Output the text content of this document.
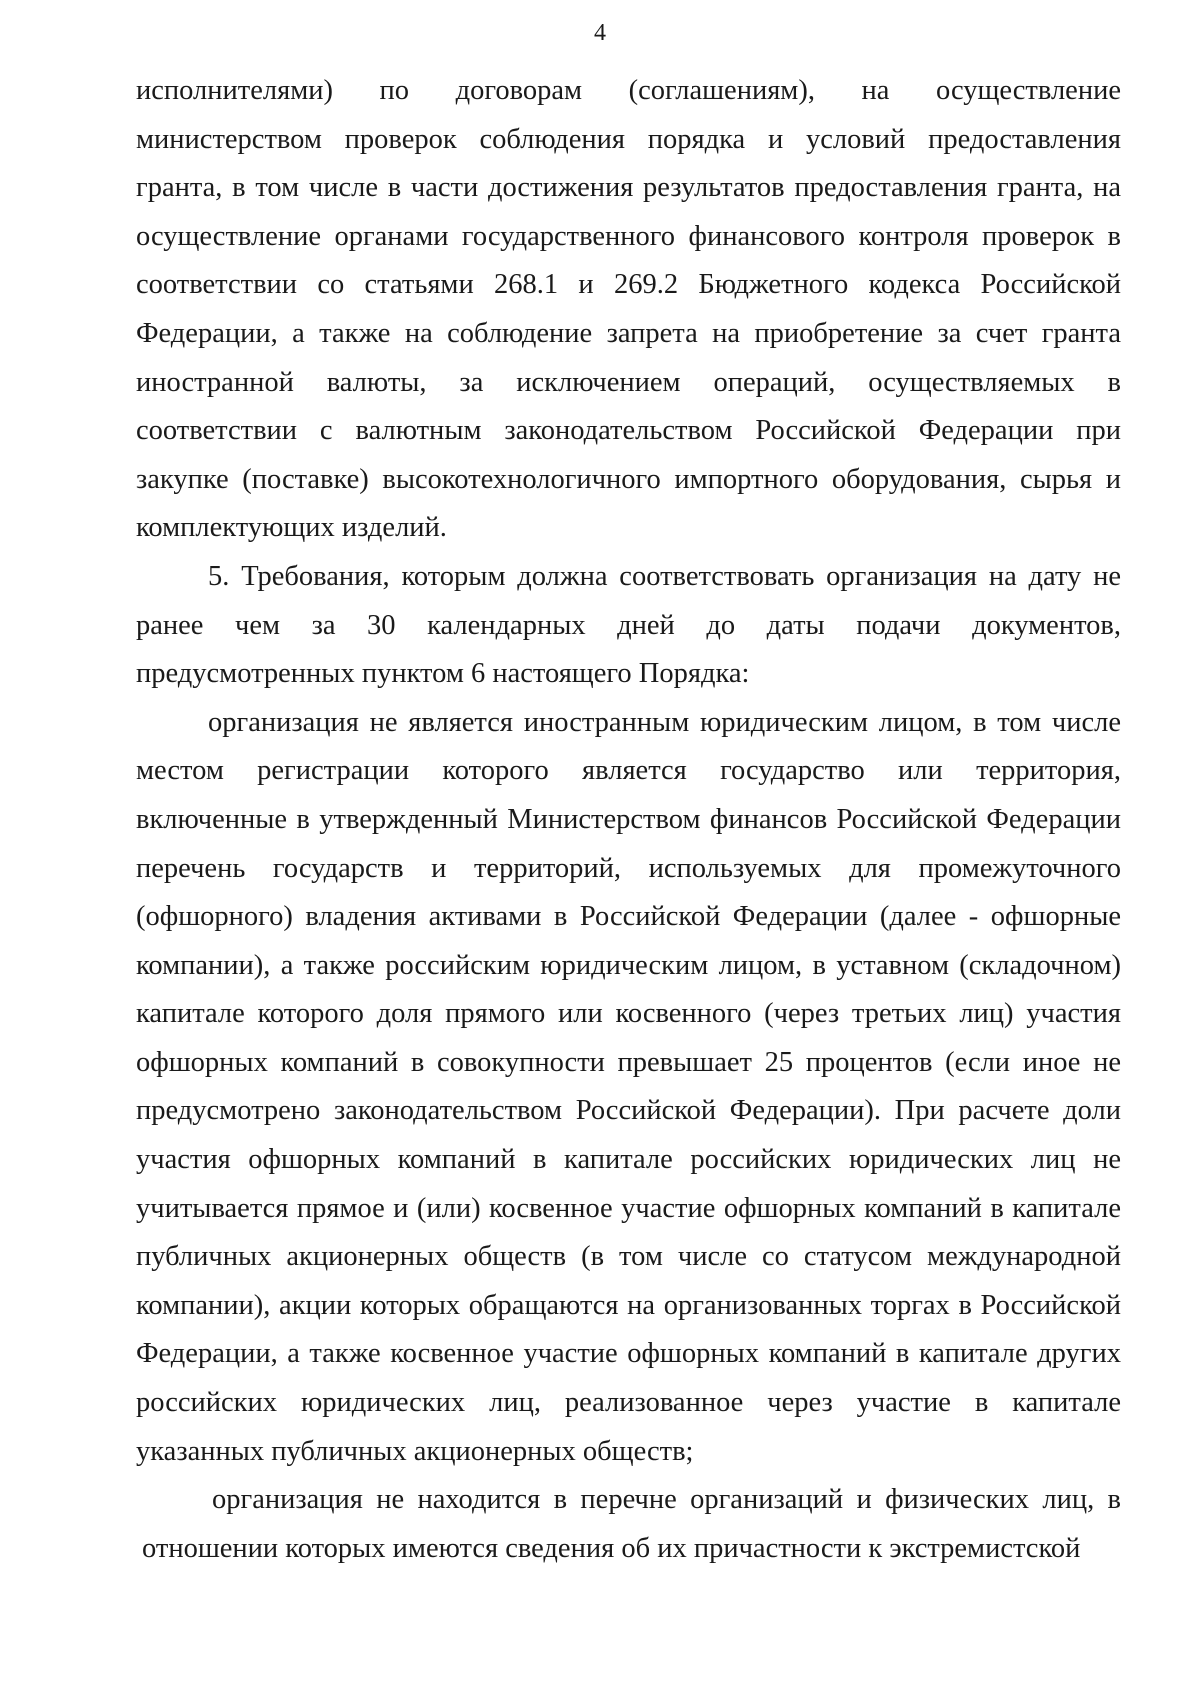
4
исполнителями) по договорам (соглашениям), на осуществление
министерством проверок соблюдения порядка и условий предоставления
гранта, в том числе в части достижения результатов предоставления гранта, на
осуществление органами государственного финансового контроля проверок в
соответствии со статьями 268.1 и 269.2 Бюджетного кодекса Российской
Федерации, а также на соблюдение запрета на приобретение за счет гранта
иностранной валюты, за исключением операций, осуществляемых в
соответствии с валютным законодательством Российской Федерации при
закупке (поставке) высокотехнологичного импортного оборудования, сырья и
комплектующих изделий.
5. Требования, которым должна соответствовать организация на дату не
ранее чем за 30 календарных дней до даты подачи документов,
предусмотренных пунктом 6 настоящего Порядка:
организация не является иностранным юридическим лицом, в том числе
местом регистрации которого является государство или территория,
включенные в утвержденный Министерством финансов Российской Федерации
перечень государств и территорий, используемых для промежуточного
(офшорного) владения активами в Российской Федерации (далее - офшорные
компании), а также российским юридическим лицом, в уставном (складочном)
капитале которого доля прямого или косвенного (через третьих лиц) участия
офшорных компаний в совокупности превышает 25 процентов (если иное не
предусмотрено законодательством Российской Федерации). При расчете доли
участия офшорных компаний в капитале российских юридических лиц не
учитывается прямое и (или) косвенное участие офшорных компаний в капитале
публичных акционерных обществ (в том числе со статусом международной
компании), акции которых обращаются на организованных торгах в Российской
Федерации, а также косвенное участие офшорных компаний в капитале других
российских юридических лиц, реализованное через участие в капитале
указанных публичных акционерных обществ;
организация не находится в перечне организаций и физических лиц, в
отношении которых имеются сведения об их причастности к экстремистской
